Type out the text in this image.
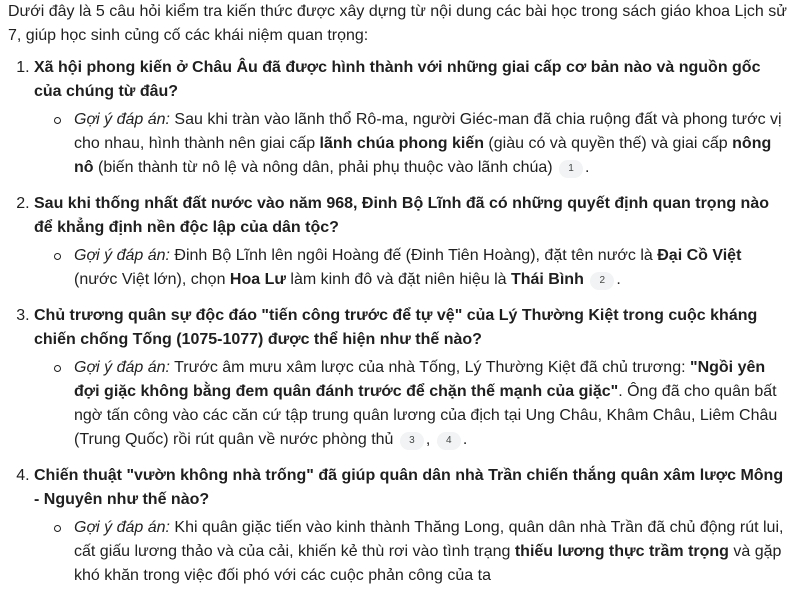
Dưới đây là 5 câu hỏi kiểm tra kiến thức được xây dựng từ nội dung các bài học trong sách giáo khoa Lịch sử 7, giúp học sinh củng cố các khái niệm quan trọng:

1. Xã hội phong kiến ở Châu Âu đã được hình thành với những giai cấp cơ bản nào và nguồn gốc của chúng từ đâu?
Gợi ý đáp án: Sau khi tràn vào lãnh thổ Rô-ma, người Giéc-man đã chia ruộng đất và phong tước vị cho nhau, hình thành nên giai cấp lãnh chúa phong kiến (giàu có và quyền thế) và giai cấp nông nô (biến thành từ nô lệ và nông dân, phải phụ thuộc vào lãnh chúa) 1 .
2. Sau khi thống nhất đất nước vào năm 968, Đinh Bộ Lĩnh đã có những quyết định quan trọng nào để khẳng định nền độc lập của dân tộc?
Gợi ý đáp án: Đinh Bộ Lĩnh lên ngôi Hoàng đế (Đinh Tiên Hoàng), đặt tên nước là Đại Cồ Việt (nước Việt lớn), chọn Hoa Lư làm kinh đô và đặt niên hiệu là Thái Bình 2 .
3. Chủ trương quân sự độc đáo "tiến công trước để tự vệ" của Lý Thường Kiệt trong cuộc kháng chiến chống Tống (1075-1077) được thể hiện như thế nào?
Gợi ý đáp án: Trước âm mưu xâm lược của nhà Tống, Lý Thường Kiệt đã chủ trương: "Ngồi yên đợi giặc không bằng đem quân đánh trước để chặn thế mạnh của giặc". Ông đã cho quân bất ngờ tấn công vào các căn cứ tập trung quân lương của địch tại Ung Châu, Khâm Châu, Liêm Châu (Trung Quốc) rồi rút quân về nước phòng thủ 3 , 4 .
4. Chiến thuật "vườn không nhà trống" đã giúp quân dân nhà Trần chiến thắng quân xâm lược Mông - Nguyên như thế nào?
Gợi ý đáp án: Khi quân giặc tiến vào kinh thành Thăng Long, quân dân nhà Trần đã chủ động rút lui, cất giấu lương thảo và của cải, khiến kẻ thù rơi vào tình trạng thiếu lương thực trầm trọng và gặp khó khăn trong việc đối phó với các cuộc phản công của ta
